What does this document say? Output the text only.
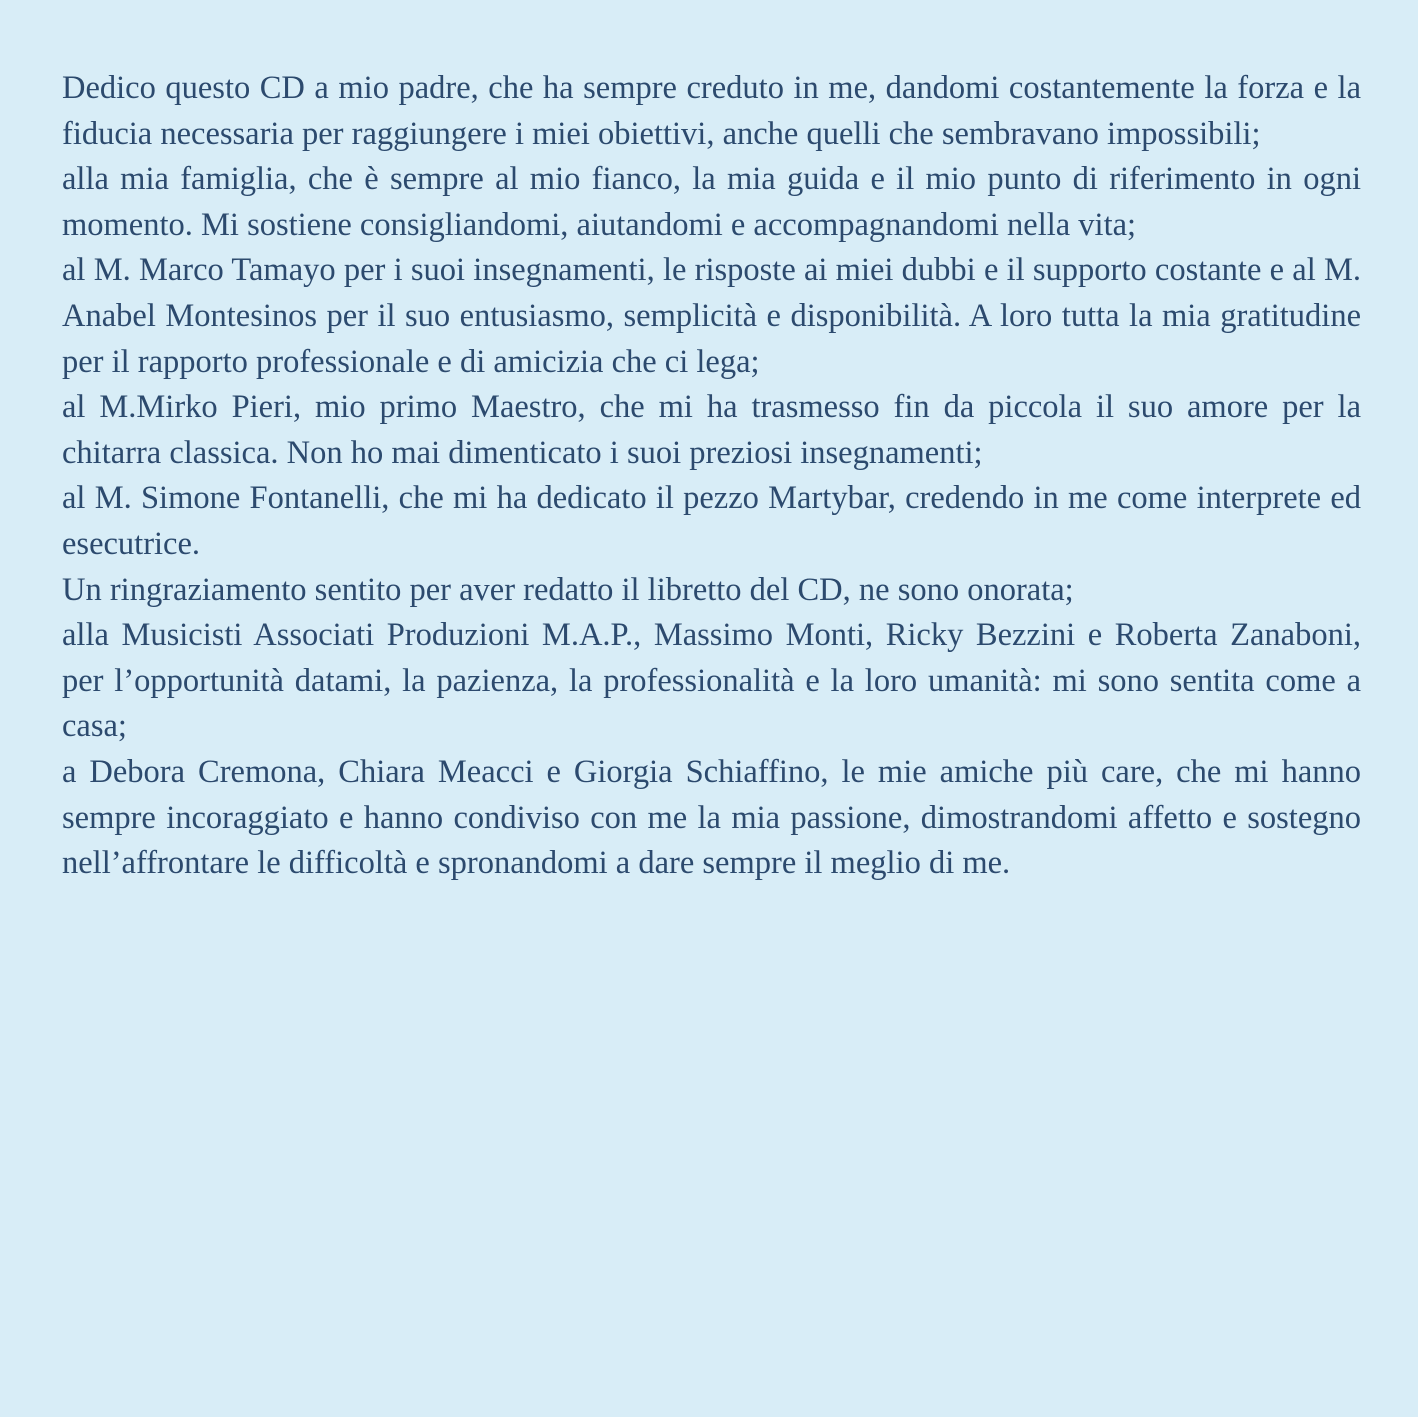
Dedico questo CD a mio padre, che ha sempre creduto in me, dandomi costantemente la forza e la fiducia necessaria per raggiungere i miei obiettivi, anche quelli che sembravano impossibili;

alla mia famiglia, che è sempre al mio fianco, la mia guida e il mio punto di riferimento in ogni momento. Mi sostiene consigliandomi, aiutandomi e accompagnandomi nella vita;

al M. Marco Tamayo per i suoi insegnamenti, le risposte ai miei dubbi e il supporto costante e al M. Anabel Montesinos per il suo entusiasmo, semplicità e disponibilità. A loro tutta la mia gratitudine per il rapporto professionale e di amicizia che ci lega;

al M.Mirko Pieri, mio primo Maestro, che mi ha trasmesso fin da piccola il suo amore per la chitarra classica. Non ho mai dimenticato i suoi preziosi insegnamenti;

al M. Simone Fontanelli, che mi ha dedicato il pezzo Martybar, credendo in me come interprete ed esecutrice.

Un ringraziamento sentito per aver redatto il libretto del CD, ne sono onorata;

alla Musicisti Associati Produzioni M.A.P., Massimo Monti, Ricky Bezzini e Roberta Zanaboni, per l’opportunità datami, la pazienza, la professionalità e la loro umanità: mi sono sentita come a casa;

a Debora Cremona, Chiara Meacci e Giorgia Schiaffino, le mie amiche più care, che mi hanno sempre incoraggiato e hanno condiviso con me la mia passione, dimostrandomi affetto e sostegno nell’affrontare le difficoltà e spronandomi a dare sempre il meglio di me.
